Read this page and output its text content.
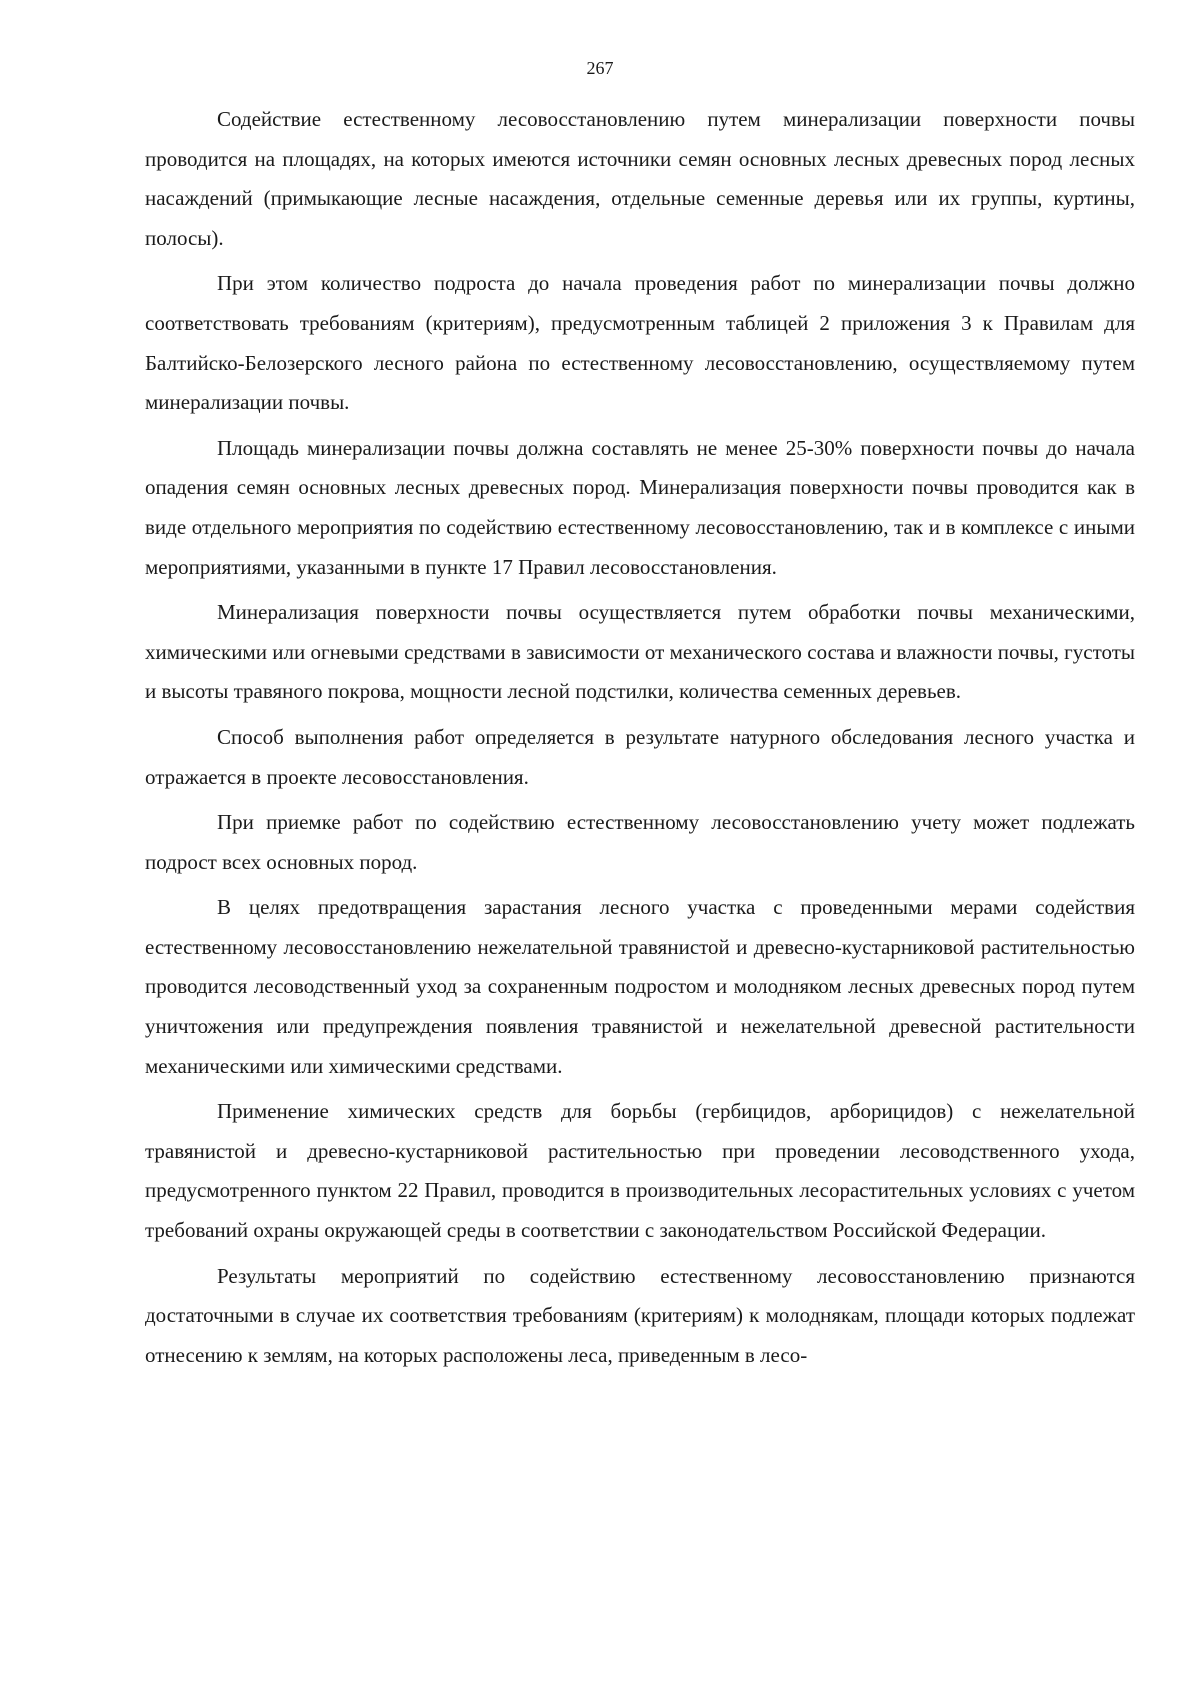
267

Содействие естественному лесовосстановлению путем минерализации поверхности почвы проводится на площадях, на которых имеются источники семян основных лесных древесных пород лесных насаждений (примыкающие лесные насаждения, отдельные семенные деревья или их группы, куртины, полосы).

При этом количество подроста до начала проведения работ по минерализации почвы должно соответствовать требованиям (критериям), предусмотренным таблицей 2 приложения 3 к Правилам для Балтийско-Белозерского лесного района по естественному лесовосстановлению, осуществляемому путем минерализации почвы.

Площадь минерализации почвы должна составлять не менее 25-30% поверхности почвы до начала опадения семян основных лесных древесных пород. Минерализация поверхности почвы проводится как в виде отдельного мероприятия по содействию естественному лесовосстановлению, так и в комплексе с иными мероприятиями, указанными в пункте 17 Правил лесовосстановления.

Минерализация поверхности почвы осуществляется путем обработки почвы механическими, химическими или огневыми средствами в зависимости от механического состава и влажности почвы, густоты и высоты травяного покрова, мощности лесной подстилки, количества семенных деревьев.

Способ выполнения работ определяется в результате натурного обследования лесного участка и отражается в проекте лесовосстановления.

При приемке работ по содействию естественному лесовосстановлению учету может подлежать подрост всех основных пород.

В целях предотвращения зарастания лесного участка с проведенными мерами содействия естественному лесовосстановлению нежелательной травянистой и древесно-кустарниковой растительностью проводится лесоводственный уход за сохраненным подростом и молодняком лесных древесных пород путем уничтожения или предупреждения появления травянистой и нежелательной древесной растительности механическими или химическими средствами.

Применение химических средств для борьбы (гербицидов, арборицидов) с нежелательной травянистой и древесно-кустарниковой растительностью при проведении лесоводственного ухода, предусмотренного пунктом 22 Правил, проводится в производительных лесорастительных условиях с учетом требований охраны окружающей среды в соответствии с законодательством Российской Федерации.

Результаты мероприятий по содействию естественному лесовосстановлению признаются достаточными в случае их соответствия требованиям (критериям) к молоднякам, площади которых подлежат отнесению к землям, на которых расположены леса, приведенным в лесо-
